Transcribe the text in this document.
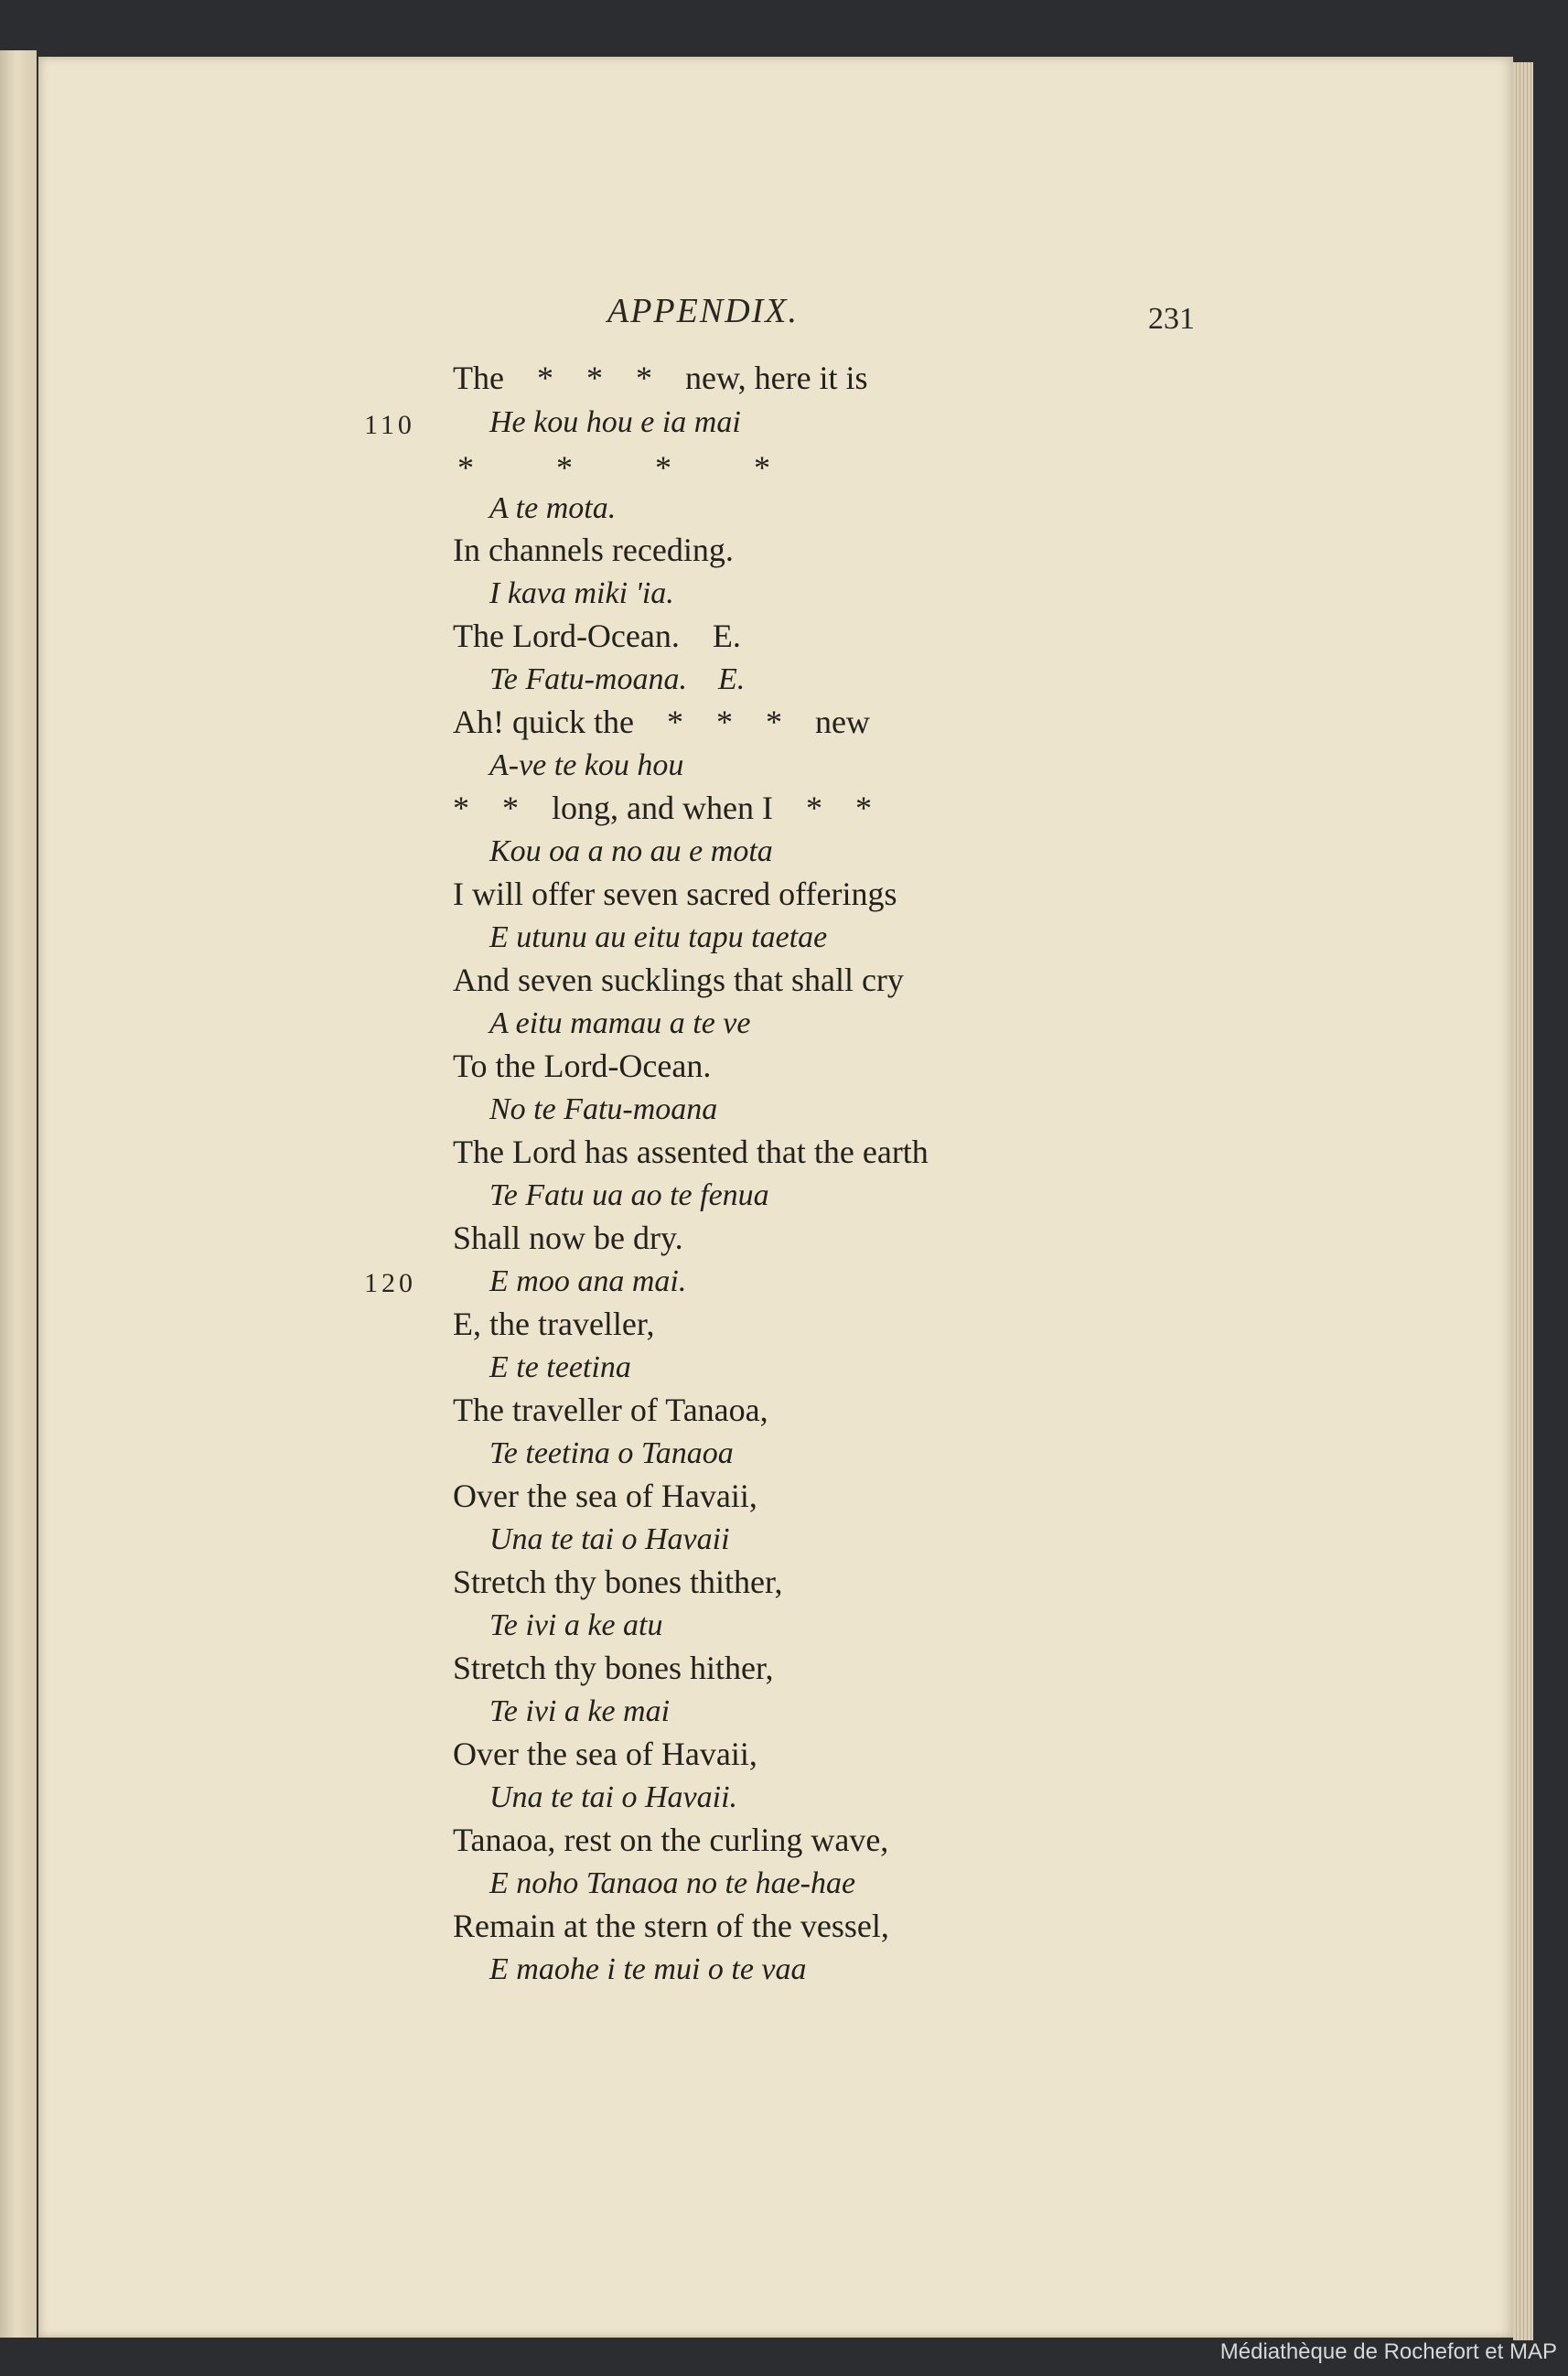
APPENDIX.	231
110
120
The    *    *    *    new, here it is
He kou hou e ia mai
*          *          *          *
A te mota.
In channels receding.
I kava miki 'ia.
The Lord-Ocean.    E.
Te Fatu-moana.    E.
Ah! quick the    *    *    *    new
A-ve te kou hou
*    *    long, and when I    *    *
Kou oa a no au e mota
I will offer seven sacred offerings
E utunu au eitu tapu taetae
And seven sucklings that shall cry
A eitu mamau a te ve
To the Lord-Ocean.
No te Fatu-moana
The Lord has assented that the earth
Te Fatu ua ao te fenua
Shall now be dry.
E moo ana mai.
E, the traveller,
E te teetina
The traveller of Tanaoa,
Te teetina o Tanaoa
Over the sea of Havaii,
Una te tai o Havaii
Stretch thy bones thither,
Te ivi a ke atu
Stretch thy bones hither,
Te ivi a ke mai
Over the sea of Havaii,
Una te tai o Havaii.
Tanaoa, rest on the curling wave,
E noho Tanaoa no te hae-hae
Remain at the stern of the vessel,
E maohe i te mui o te vaa
Médiathèque de Rochefort et MAP
